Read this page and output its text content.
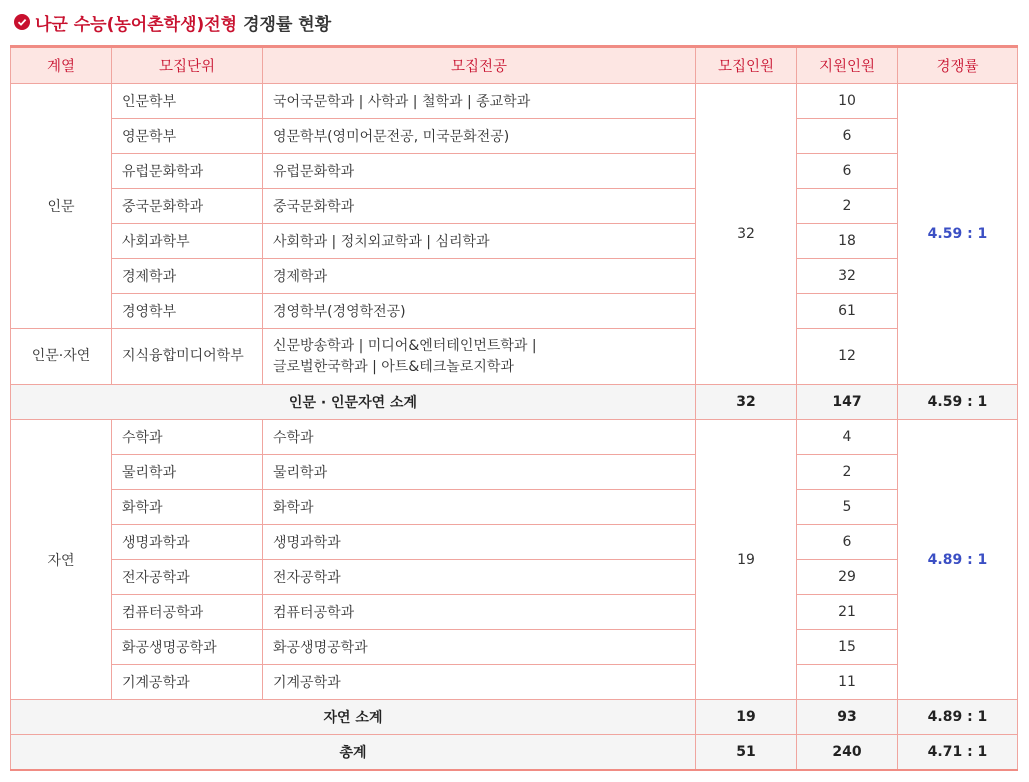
나군 수능(농어촌학생)전형 경쟁률 현황
계열	모집단위	모집전공	모집인원	지원인원	경쟁률
인문	인문학부	국어국문학과 | 사학과 | 철학과 | 종교학과	32	10	4.59 : 1
	영문학부	영문학부(영미어문전공, 미국문화전공)		6	
	유럽문화학과	유럽문화학과		6	
	중국문화학과	중국문화학과		2	
	사회과학부	사회학과 | 정치외교학과 | 심리학과		18	
	경제학과	경제학과		32	
	경영학부	경영학부(경영학전공)		61	
인문·자연	지식융합미디어학부	신문방송학과 | 미디어&엔터테인먼트학과 |
글로벌한국학과 | 아트&테크놀로지학과		12	
인문 · 인문자연 소계			32	147	4.59 : 1
자연	수학과	수학과	19	4	4.89 : 1
	물리학과	물리학과		2	
	화학과	화학과		5	
	생명과학과	생명과학과		6	
	전자공학과	전자공학과		29	
	컴퓨터공학과	컴퓨터공학과		21	
	화공생명공학과	화공생명공학과		15	
	기계공학과	기계공학과		11	
자연 소계			19	93	4.89 : 1
총계			51	240	4.71 : 1
